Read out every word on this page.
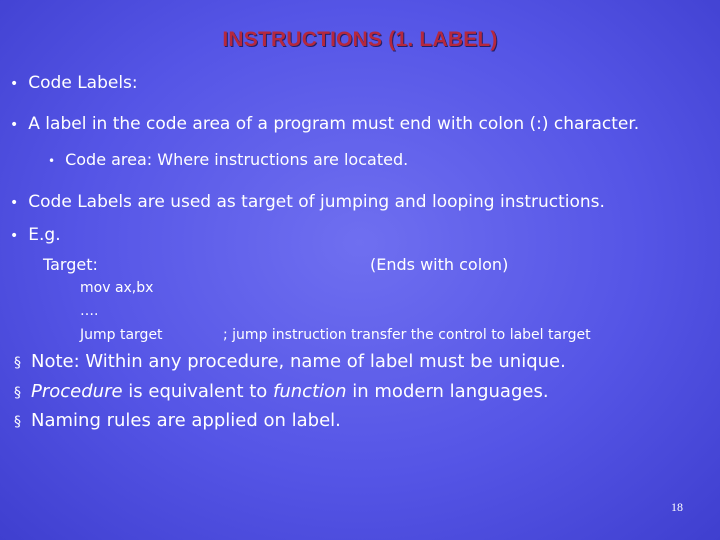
INSTRUCTIONS (1. LABEL)
• Code Labels:
• A label in the code area of a program must end with colon (:) character.
• Code area: Where instructions are located.
• Code Labels are used as target of jumping and looping instructions.
• E.g.
Target:	(Ends with colon)
mov ax,bx
….
Jump target	; jump instruction transfer the control to label target
§ Note: Within any procedure, name of label must be unique.
§ Procedure is equivalent to function in modern languages.
§ Naming rules are applied on label.
18
